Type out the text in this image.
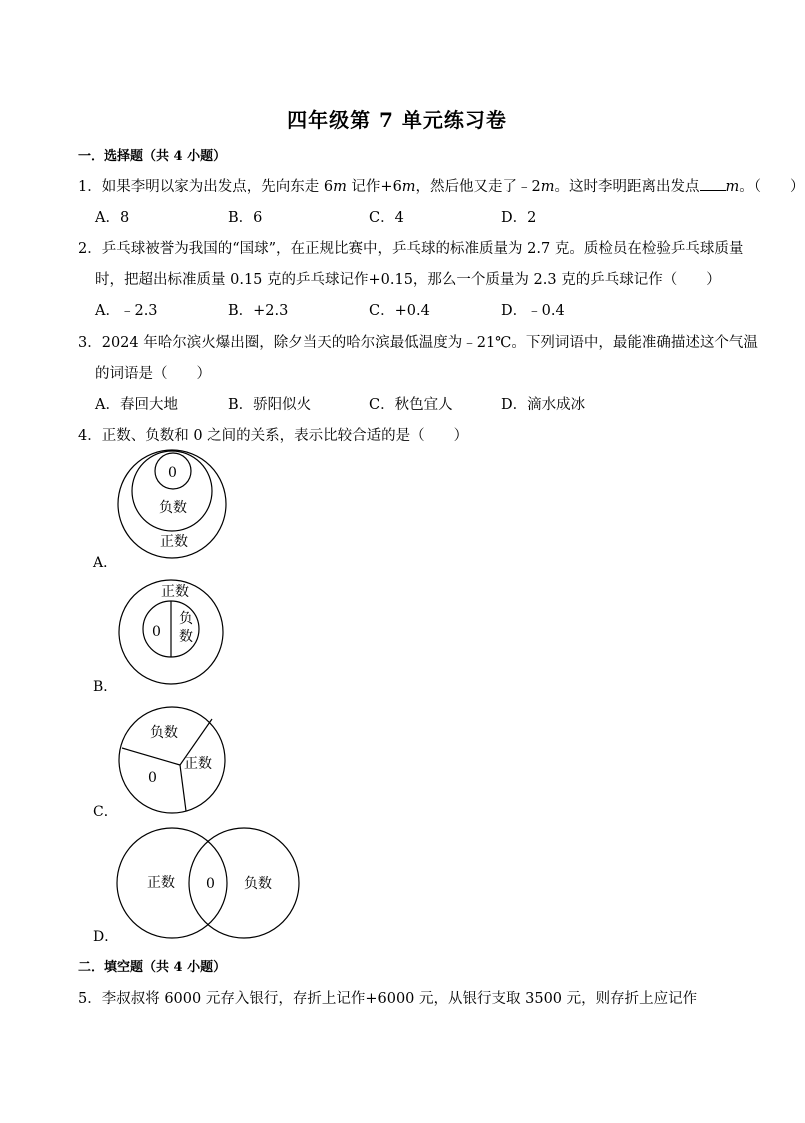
四年级第 7 单元练习卷
一．选择题（共 4 小题）
1．如果李明以家为出发点，先向东走 6m 记作+6m，然后他又走了﹣2m。这时李明距离出发点 m。（　　）
A．8	B．6	C．4	D．2
2．乒乓球被誉为我国的“国球”，在正规比赛中，乒乓球的标准质量为 2.7 克。质检员在检验乒乓球质量
时，把超出标准质量 0.15 克的乒乓球记作+0.15，那么一个质量为 2.3 克的乒乓球记作（　　）
A．﹣2.3	B．+2.3	C．+0.4	D．﹣0.4
3．2024 年哈尔滨火爆出圈，除夕当天的哈尔滨最低温度为﹣21℃。下列词语中，最能准确描述这个气温
的词语是（　　）
A．春回大地	B．骄阳似火	C．秋色宜人	D．滴水成冰
4．正数、负数和 0 之间的关系，表示比较合适的是（　　）
0
负数
正数
A．
正数
0
负
数
B．
负数
正数
0
C．
正数 0 负数
D．
二．填空题（共 4 小题）
5．李叔叔将 6000 元存入银行，存折上记作+6000 元，从银行支取 3500 元，则存折上应记作
